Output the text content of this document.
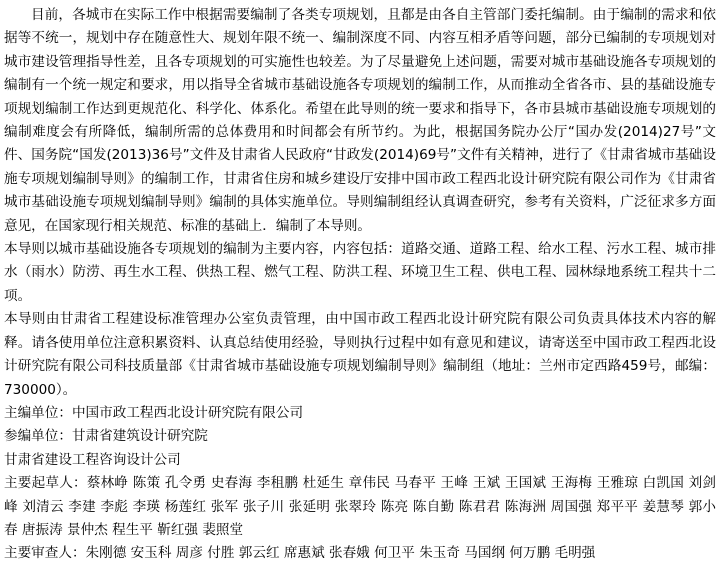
目前，各城市在实际工作中根据需要编制了各类专项规划，且都是由各自主管部门委托编制。由于编制的需求和依据等不统一，规划中存在随意性大、规划年限不统一、编制深度不同、内容互相矛盾等问题，部分已编制的专项规划对城市建设管理指导性差，且各专项规划的可实施性也较差。为了尽量避免上述问题，需要对城市基础设施各专项规划的编制有一个统一规定和要求，用以指导全省城市基础设施各专项规划的编制工作，从而推动全省各市、县的基础设施专项规划编制工作达到更规范化、科学化、体系化。希望在此导则的统一要求和指导下，各市县城市基础设施专项规划的编制难度会有所降低，编制所需的总体费用和时间都会有所节约。为此，根据国务院办公厅“国办发(2014)27号”文件、国务院“国发(2013)36号”文件及甘肃省人民政府“甘政发(2014)69号”文件有关精神，进行了《甘肃省城市基础设施专项规划编制导则》的编制工作，甘肃省住房和城乡建设厅安排中国市政工程西北设计研究院有限公司作为《甘肃省城市基础设施专项规划编制导则》编制的具体实施单位。导则编制组经认真调查研究，参考有关资料，广泛征求多方面意见，在国家现行相关规范、标准的基础上．编制了本导则。

本导则以城市基础设施各专项规划的编制为主要内容，内容包括：道路交通、道路工程、给水工程、污水工程、城市排水（雨水）防涝、再生水工程、供热工程、燃气工程、防洪工程、环境卫生工程、供电工程、园林绿地系统工程共十二项。

本导则由甘肃省工程建设标准管理办公室负责管理，由中国市政工程西北设计研究院有限公司负责具体技术内容的解释。请各使用单位注意积累资料、认真总结使用经验，导则执行过程中如有意见和建议，请寄送至中国市政工程西北设计研究院有限公司科技质量部《甘肃省城市基础设施专项规划编制导则》编制组（地址：兰州市定西路459号，邮编：730000）。

主编单位：中国市政工程西北设计研究院有限公司

参编单位：甘肃省建筑设计研究院

甘肃省建设工程咨询设计公司

主要起草人：蔡林峥 陈策 孔令勇 史春海 李租鹏 杜延生 章伟民 马春平 王峰 王斌 王国斌 王海梅 王雅琼 白凯国 刘剑峰 刘清云 李建 李彪 李瑛 杨莲红 张军 张子川 张延明 张翠玲 陈亮 陈自勤 陈君君 陈海洲 周国强 郑平平 姜慧琴 郭小春 唐振涛 景仲杰 程生平 靳红强 裴照堂

主要审查人：朱刚德 安玉科 周彦 付胜 郭云红 席惠斌 张春娥 何卫平 朱玉奇 马国纲 何万鹏 毛明强
